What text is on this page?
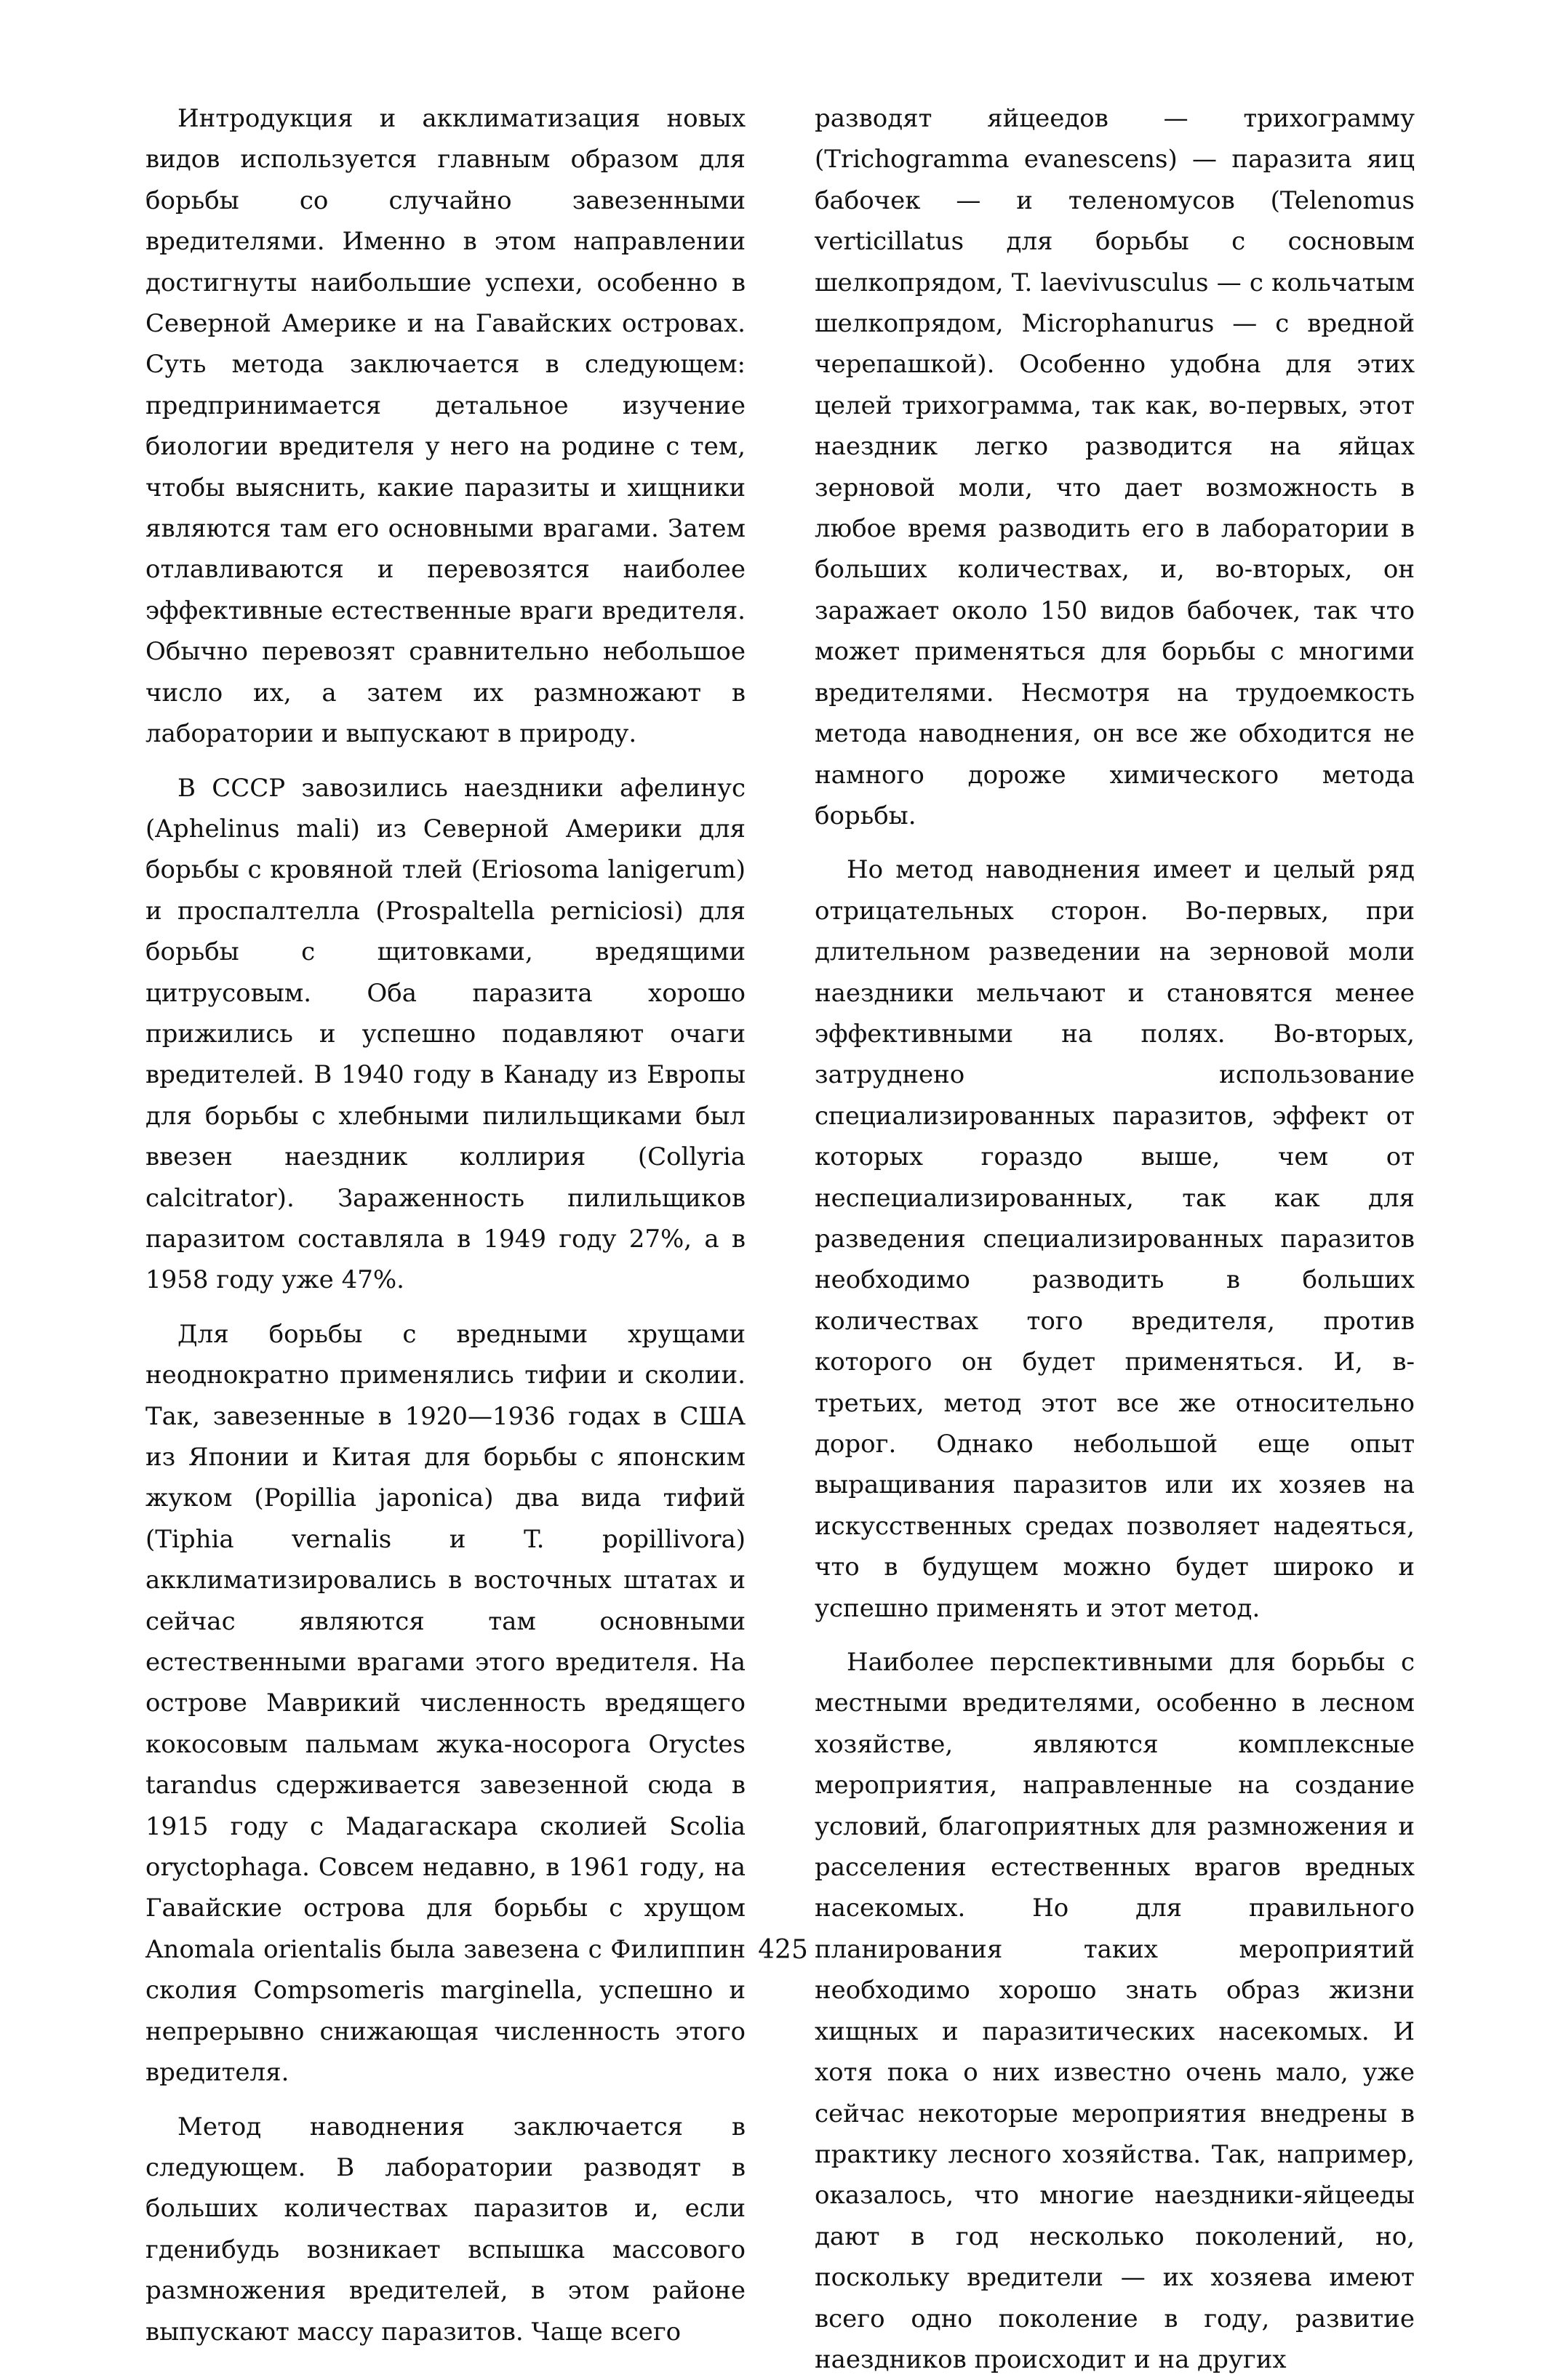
Интродукция и акклиматизация новых видов используется главным образом для борьбы со случайно завезенными вредителями. Именно в этом направлении достигнуты наибольшие успехи, особенно в Северной Америке и на Гавайских островах. Суть метода заключается в следующем: предпринимается детальное изучение биологии вредителя у него на родине с тем, чтобы выяснить, какие паразиты и хищники являются там его основными врагами. Затем отлавливаются и перевозятся наиболее эффективные естественные враги вредителя. Обычно перевозят сравнительно небольшое число их, а затем их размножают в лаборатории и выпускают в природу.

В СССР завозились наездники афелинус (Aphelinus mali) из Северной Америки для борьбы с кровяной тлей (Eriosoma lanigerum) и проспалтелла (Prospaltella perniciosi) для борьбы с щитовками, вредящими цитрусовым. Оба паразита хорошо прижились и успешно подавляют очаги вредителей. В 1940 году в Канаду из Европы для борьбы с хлебными пилильщиками был ввезен наездник коллирия (Collyria calcitrator). Зараженность пилильщиков паразитом составляла в 1949 году 27%, а в 1958 году уже 47%.

Для борьбы с вредными хрущами неоднократно применялись тифии и сколии. Так, завезенные в 1920—1936 годах в США из Японии и Китая для борьбы с японским жуком (Popillia japonica) два вида тифий (Tiphia vernalis и T. popillivora) акклиматизировались в восточных штатах и сейчас являются там основными естественными врагами этого вредителя. На острове Маврикий численность вредящего кокосовым пальмам жука-носорога Oryctes tarandus сдерживается завезенной сюда в 1915 году с Мадагаскара сколией Scolia oryctophaga. Совсем недавно, в 1961 году, на Гавайские острова для борьбы с хрущом Anomala orientalis была завезена с Филиппин сколия Compsomeris marginella, успешно и непрерывно снижающая численность этого вредителя.

Метод наводнения заключается в следующем. В лаборатории разводят в больших количествах паразитов и, если гденибудь возникает вспышка массового размножения вредителей, в этом районе выпускают массу паразитов. Чаще всего

разводят яйцеедов — трихограмму (Trichogramma evanescens) — паразита яиц бабочек — и теленомусов (Telenomus verticillatus для борьбы с сосновым шелкопрядом, T. laevivusculus — с кольчатым шелкопрядом, Microphanurus — с вредной черепашкой). Особенно удобна для этих целей трихограмма, так как, во-первых, этот наездник легко разводится на яйцах зерновой моли, что дает возможность в любое время разводить его в лаборатории в больших количествах, и, во-вторых, он заражает около 150 видов бабочек, так что может применяться для борьбы с многими вредителями. Несмотря на трудоемкость метода наводнения, он все же обходится не намного дороже химического метода борьбы.

Но метод наводнения имеет и целый ряд отрицательных сторон. Во-первых, при длительном разведении на зерновой моли наездники мельчают и становятся менее эффективными на полях. Во-вторых, затруднено использование специализированных паразитов, эффект от которых гораздо выше, чем от неспециализированных, так как для разведения специализированных паразитов необходимо разводить в больших количествах того вредителя, против которого он будет применяться. И, в-третьих, метод этот все же относительно дорог. Однако небольшой еще опыт выращивания паразитов или их хозяев на искусственных средах позволяет надеяться, что в будущем можно будет широко и успешно применять и этот метод.

Наиболее перспективными для борьбы с местными вредителями, особенно в лесном хозяйстве, являются комплексные мероприятия, направленные на создание условий, благоприятных для размножения и расселения естественных врагов вредных насекомых. Но для правильного планирования таких мероприятий необходимо хорошо знать образ жизни хищных и паразитических насекомых. И хотя пока о них известно очень мало, уже сейчас некоторые мероприятия внедрены в практику лесного хозяйства. Так, например, оказалось, что многие наездники-яйцееды дают в год несколько поколений, но, поскольку вредители — их хозяева имеют всего одно поколение в году, развитие наездников происходит и на других

425
